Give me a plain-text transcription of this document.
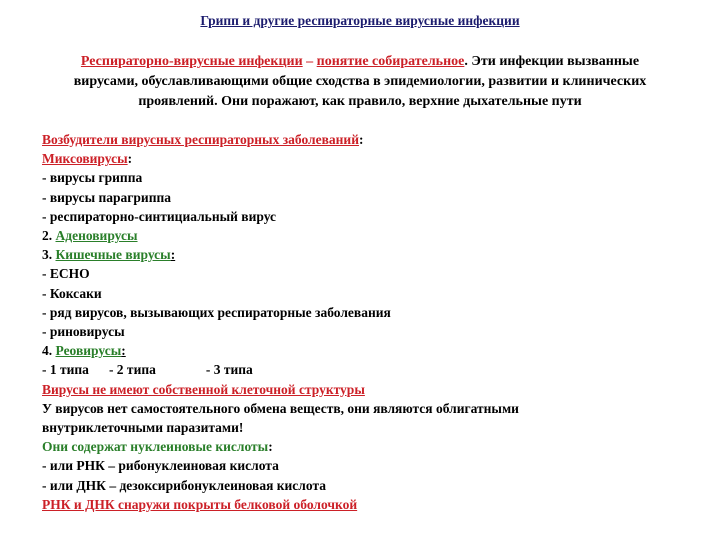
Грипп и другие респираторные вирусные инфекции
Респираторно-вирусные инфекции – понятие собирательное. Эти инфекции вызванные
вирусами, обуславливающими общие сходства в эпидемиологии, развитии и клинических
проявлений. Они поражают, как правило, верхние дыхательные пути
Возбудители вирусных респираторных заболеваний:
Миксовирусы:
- вирусы гриппа
- вирусы парагриппа
- респираторно-синтициальный вирус
2. Аденовирусы
3. Кишечные вирусы:
- ЕСНО
- Коксаки
- ряд вирусов, вызывающих респираторные заболевания
- риновирусы
4. Реовирусы:
- 1 типа - 2 типа	- 3 типа
Вирусы не имеют собственной клеточной структуры
У вирусов нет самостоятельного обмена веществ, они являются облигатными
внутриклеточными паразитами!
Они содержат нуклеиновые кислоты:
- или РНК – рибонуклеиновая кислота
- или ДНК – дезоксирибонуклеиновая кислота
РНК и ДНК снаружи покрыты белковой оболочкой
